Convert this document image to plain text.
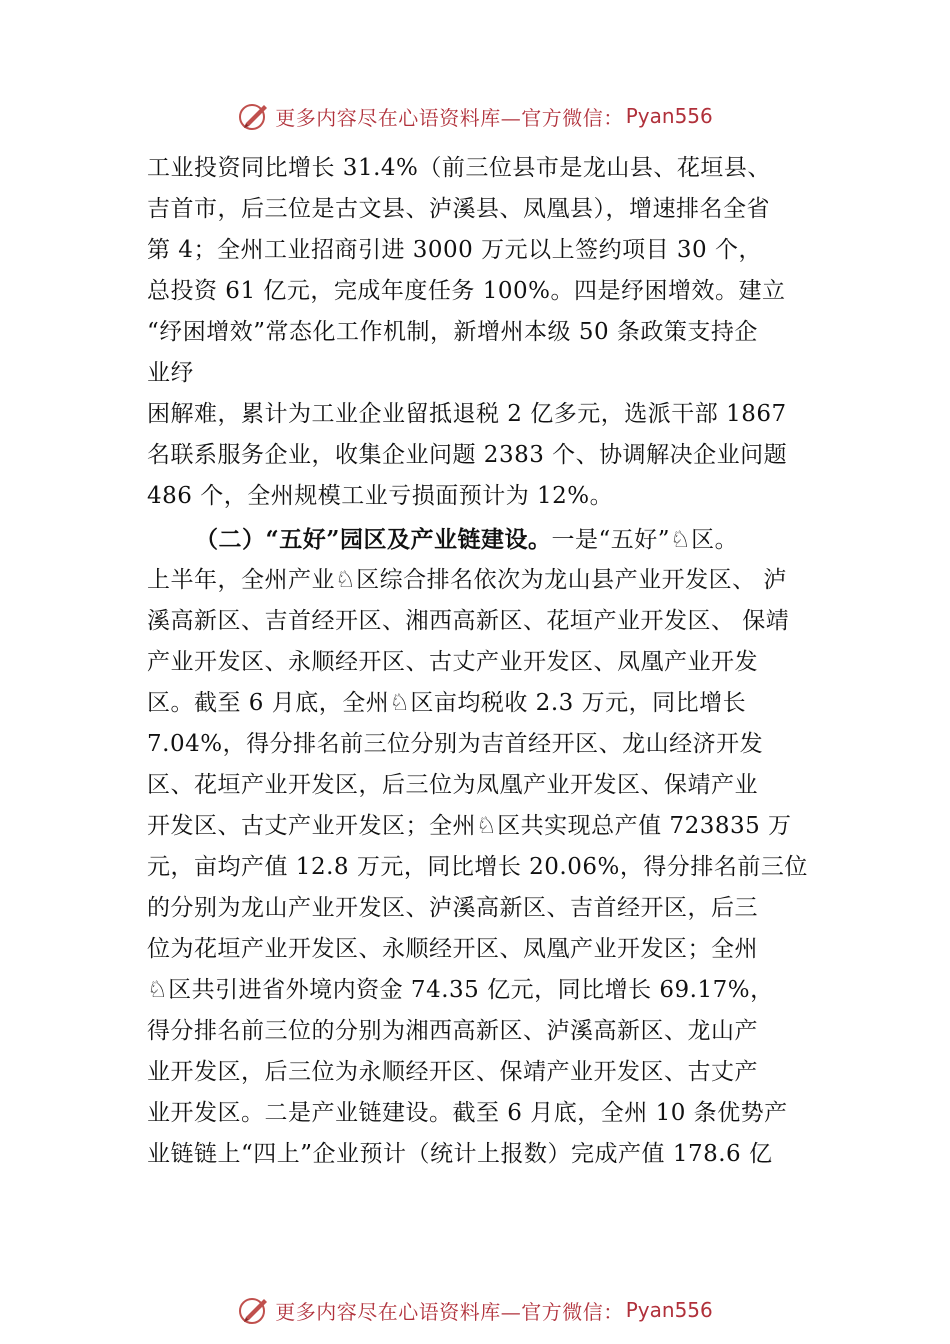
更多内容尽在心语资料库—官方微信： Pyan556
工业投资同比增长 31.4%（前三位县市是龙山县、花垣县、
吉首市，后三位是古文县、泸溪县、凤凰县），增速排名全省
第 4；全州工业招商引进 3000 万元以上签约项目 30 个，
总投资 61 亿元，完成年度任务 100%。四是纾困增效。建立
“纾困增效”常态化工作机制，新增州本级 50 条政策支持企
业纾
困解难，累计为工业企业留抵退税 2 亿多元，选派干部 1867
名联系服务企业，收集企业问题 2383 个、协调解决企业问题
486 个，全州规模工业亏损面预计为 12%。
（二）“五好”园区及产业链建设。一是“五好”♘区。
上半年，全州产业♘区综合排名依次为龙山县产业开发区、 泸
溪高新区、吉首经开区、湘西高新区、花垣产业开发区、 保靖
产业开发区、永顺经开区、古丈产业开发区、凤凰产业开发
区。截至 6 月底，全州♘区亩均税收 2.3 万元，同比增长
7.04%，得分排名前三位分别为吉首经开区、龙山经济开发
区、花垣产业开发区，后三位为凤凰产业开发区、保靖产业
开发区、古丈产业开发区；全州♘区共实现总产值 723835 万
元，亩均产值 12.8 万元，同比增长 20.06%，得分排名前三位
的分别为龙山产业开发区、泸溪高新区、吉首经开区，后三
位为花垣产业开发区、永顺经开区、凤凰产业开发区；全州
♘区共引进省外境内资金 74.35 亿元，同比增长 69.17%，
得分排名前三位的分别为湘西高新区、泸溪高新区、龙山产
业开发区，后三位为永顺经开区、保靖产业开发区、古丈产
业开发区。二是产业链建设。截至 6 月底，全州 10 条优势产
业链链上“四上”企业预计（统计上报数）完成产值 178.6 亿
更多内容尽在心语资料库—官方微信： Pyan556
